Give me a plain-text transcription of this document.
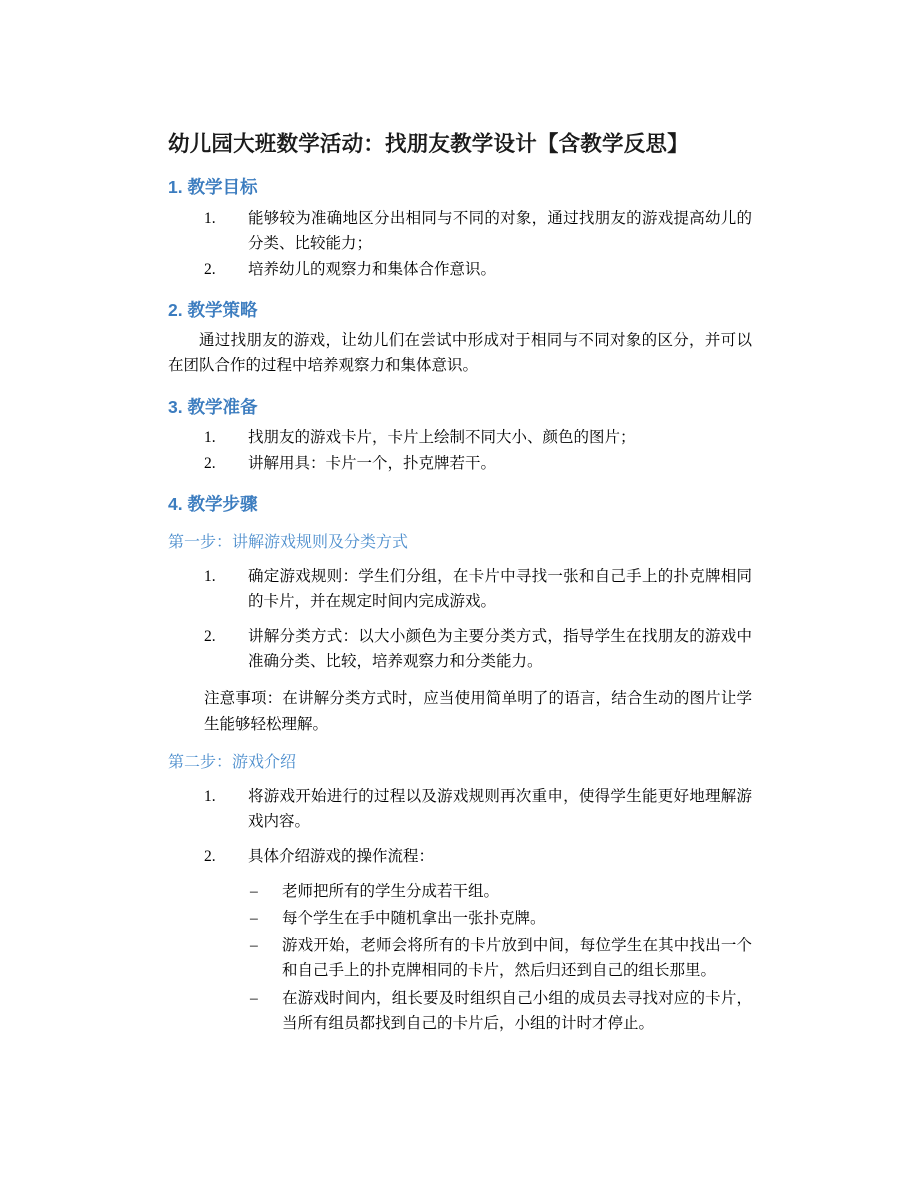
幼儿园大班数学活动：找朋友教学设计【含教学反思】
1. 教学目标
1. 能够较为准确地区分出相同与不同的对象，通过找朋友的游戏提高幼儿的分类、比较能力；
2. 培养幼儿的观察力和集体合作意识。
2. 教学策略

通过找朋友的游戏，让幼儿们在尝试中形成对于相同与不同对象的区分，并可以在团队合作的过程中培养观察力和集体意识。

3. 教学准备
1. 找朋友的游戏卡片，卡片上绘制不同大小、颜色的图片；
2. 讲解用具：卡片一个，扑克牌若干。
4. 教学步骤
第一步：讲解游戏规则及分类方式
1. 确定游戏规则：学生们分组，在卡片中寻找一张和自己手上的扑克牌相同的卡片，并在规定时间内完成游戏。
2. 讲解分类方式：以大小颜色为主要分类方式，指导学生在找朋友的游戏中准确分类、比较，培养观察力和分类能力。

注意事项：在讲解分类方式时，应当使用简单明了的语言，结合生动的图片让学生能够轻松理解。

第二步：游戏介绍
1. 将游戏开始进行的过程以及游戏规则再次重申，使得学生能更好地理解游戏内容。
2. 具体介绍游戏的操作流程：
– 老师把所有的学生分成若干组。
– 每个学生在手中随机拿出一张扑克牌。
– 游戏开始，老师会将所有的卡片放到中间，每位学生在其中找出一个和自己手上的扑克牌相同的卡片，然后归还到自己的组长那里。
– 在游戏时间内，组长要及时组织自己小组的成员去寻找对应的卡片，当所有组员都找到自己的卡片后，小组的计时才停止。
